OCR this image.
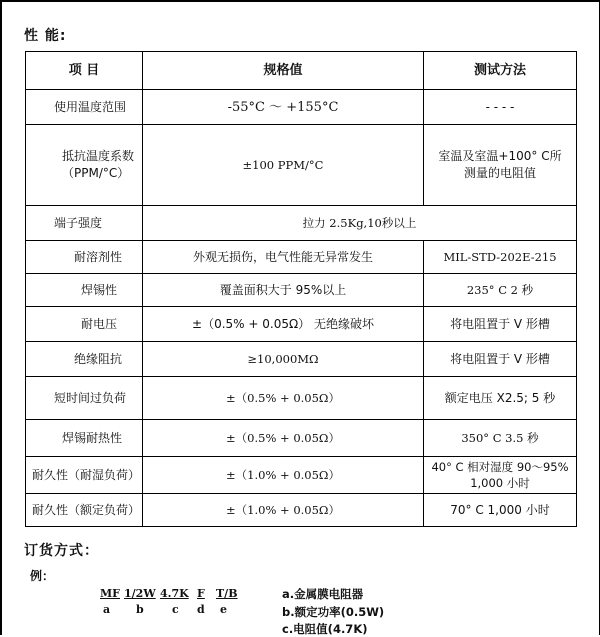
性 能:
项 目	规格值	测试方法
使用温度范围	-55°C ～ +155°C	- - - -
抵抗温度系数
（PPM/°C）	±100 PPM/°C	室温及室温+100° C所
测量的电阻值
端子强度	拉力 2.5Kg,10秒以上	
耐溶剂性	外观无损伤，电气性能无异常发生	MIL-STD-202E-215
焊锡性	覆盖面积大于 95%以上	235° C 2 秒
耐电压	±（0.5% + 0.05Ω） 无绝缘破坏	将电阻置于 V 形槽
绝缘阻抗	≥10,000MΩ	将电阻置于 V 形槽
短时间过负荷	±（0.5% + 0.05Ω）	额定电压 X2.5; 5 秒
焊锡耐热性	±（0.5% + 0.05Ω）	350° C 3.5 秒
耐久性（耐湿负荷）	±（1.0% + 0.05Ω）	40° C 相对湿度 90～95%
1,000 小时
耐久性（额定负荷）	±（1.0% + 0.05Ω）	70° C 1,000 小时
订货方式：
例：
MF 1/2W 4.7K F T/B
a b	c d e
a.金属膜电阻器
b.额定功率(0.5W)
c.电阻值(4.7K)
